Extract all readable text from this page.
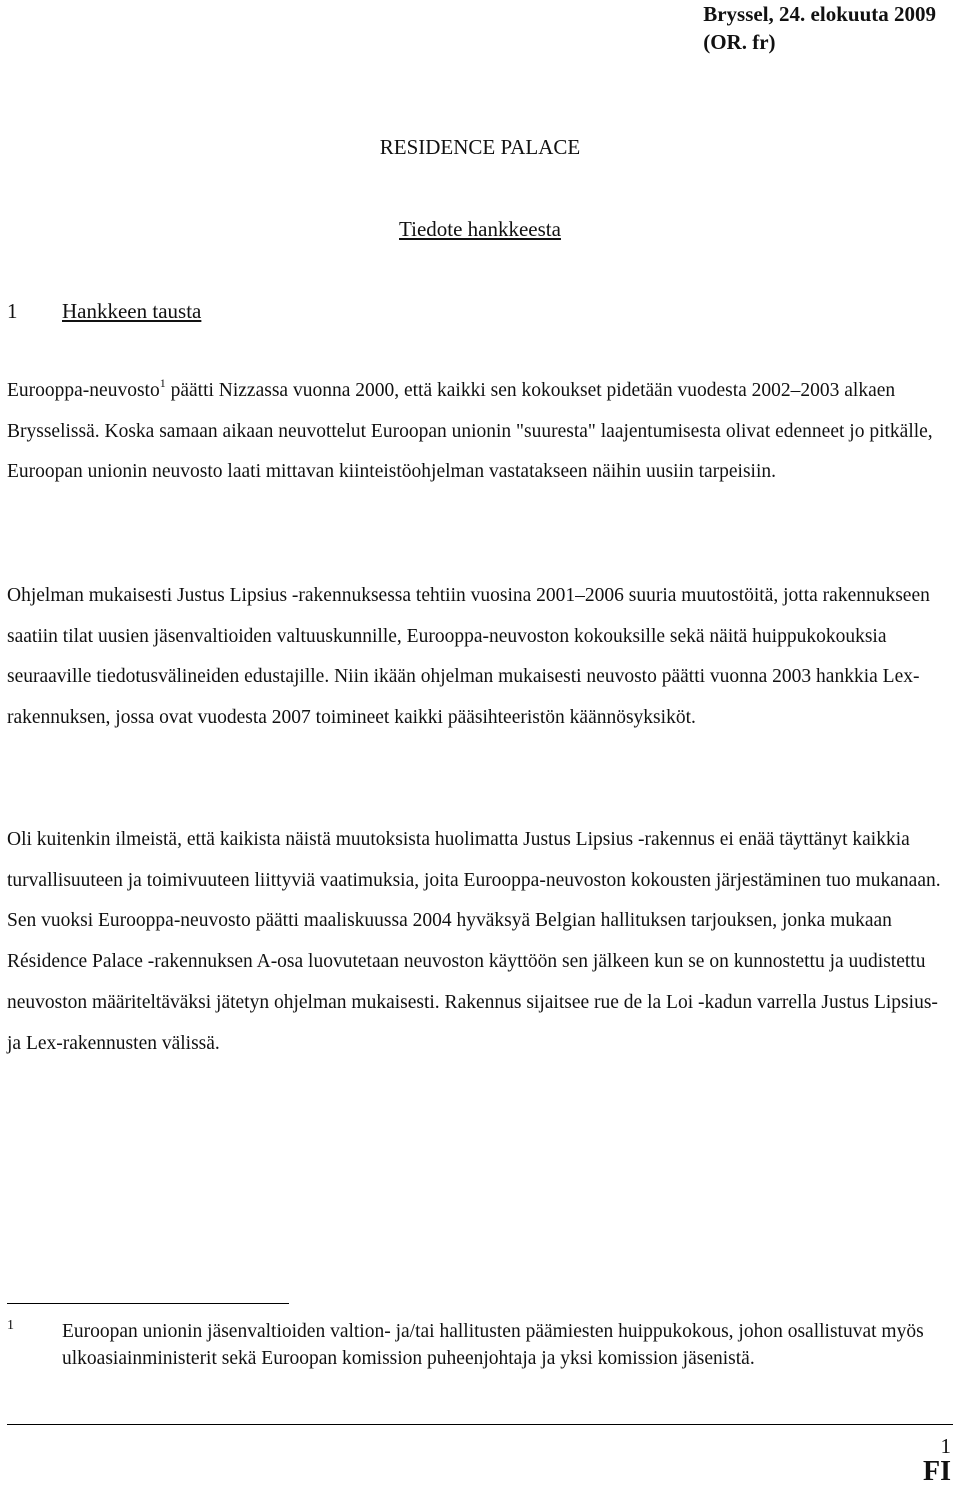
Bryssel, 24. elokuuta 2009
(OR. fr)
RESIDENCE PALACE
Tiedote hankkeesta
1 Hankkeen tausta
Eurooppa-neuvosto$^1$ päätti Nizzassa vuonna 2000, että kaikki sen kokoukset pidetään vuodesta 2002–2003 alkaen Brysselissä. Koska samaan aikaan neuvottelut Euroopan unionin "suuresta" laajentumisesta olivat edenneet jo pitkälle, Euroopan unionin neuvosto laati mittavan kiinteistöohjelman vastatakseen näihin uusiin tarpeisiin.
Ohjelman mukaisesti Justus Lipsius -rakennuksessa tehtiin vuosina 2001–2006 suuria muutostöitä, jotta rakennukseen saatiin tilat uusien jäsenvaltioiden valtuuskunnille, Eurooppa-neuvoston kokouksille sekä näitä huippukokouksia seuraaville tiedotusvälineiden edustajille. Niin ikään ohjelman mukaisesti neuvosto päätti vuonna 2003 hankkia Lex-rakennuksen, jossa ovat vuodesta 2007 toimineet kaikki pääsihteeristön käännösyksiköt.
Oli kuitenkin ilmeistä, että kaikista näistä muutoksista huolimatta Justus Lipsius -rakennus ei enää täyttänyt kaikkia turvallisuuteen ja toimivuuteen liittyviä vaatimuksia, joita Eurooppa-neuvoston kokousten järjestäminen tuo mukanaan. Sen vuoksi Eurooppa-neuvosto päätti maaliskuussa 2004 hyväksyä Belgian hallituksen tarjouksen, jonka mukaan Résidence Palace -rakennuksen A-osa luovutetaan neuvoston käyttöön sen jälkeen kun se on kunnostettu ja uudistettu neuvoston määriteltäväksi jätetyn ohjelman mukaisesti. Rakennus sijaitsee rue de la Loi -kadun varrella Justus Lipsius- ja Lex-rakennusten välissä.
1 Euroopan unionin jäsenvaltioiden valtion- ja/tai hallitusten päämiesten huippukokous, johon osallistuvat myös ulkoasiainministerit sekä Euroopan komission puheenjohtaja ja yksi komission jäsenistä.
1
FI
